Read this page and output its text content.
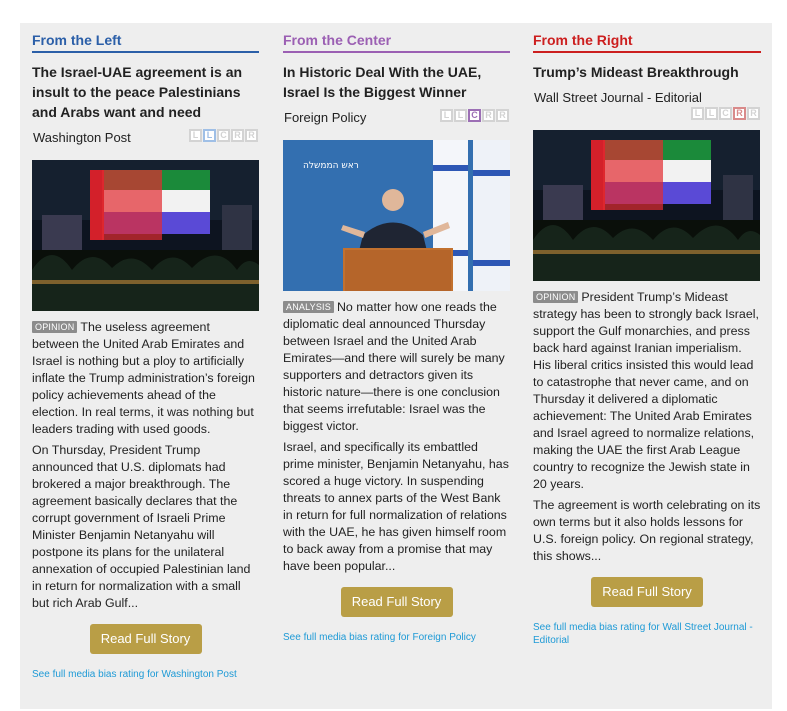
From the Left
The Israel-UAE agreement is an insult to the peace Palestinians and Arabs want and need
Washington Post	L L C R R

OPINION The useless agreement between the United Arab Emirates and Israel is nothing but a ploy to artificially inflate the Trump administration’s foreign policy achievements ahead of the election. In real terms, it was nothing but leaders trading with used goods.

On Thursday, President Trump announced that U.S. diplomats had brokered a major breakthrough. The agreement basically declares that the corrupt government of Israeli Prime Minister Benjamin Netanyahu will postpone its plans for the unilateral annexation of occupied Palestinian land in return for normalization with a small but rich Arab Gulf...

Read Full Story
See full media bias rating for Washington Post
From the Center
In Historic Deal With the UAE, Israel Is the Biggest Winner
Foreign Policy	L L C R R
ראש הממשלה

ANALYSIS No matter how one reads the diplomatic deal announced Thursday between Israel and the United Arab Emirates—and there will surely be many supporters and detractors given its historic nature—there is one conclusion that seems irrefutable: Israel was the biggest victor.

Israel, and specifically its embattled prime minister, Benjamin Netanyahu, has scored a huge victory. In suspending threats to annex parts of the West Bank in return for full normalization of relations with the UAE, he has given himself room to back away from a promise that may have been popular...

Read Full Story
See full media bias rating for Foreign Policy
From the Right
Trump’s Mideast Breakthrough
Wall Street Journal - Editorial
L L C R R

OPINION President Trump’s Mideast strategy has been to strongly back Israel, support the Gulf monarchies, and press back hard against Iranian imperialism. His liberal critics insisted this would lead to catastrophe that never came, and on Thursday it delivered a diplomatic achievement: The United Arab Emirates and Israel agreed to normalize relations, making the UAE the first Arab League country to recognize the Jewish state in 20 years.

The agreement is worth celebrating on its own terms but it also holds lessons for U.S. foreign policy. On regional strategy, this shows...

Read Full Story
See full media bias rating for Wall Street Journal - Editorial
